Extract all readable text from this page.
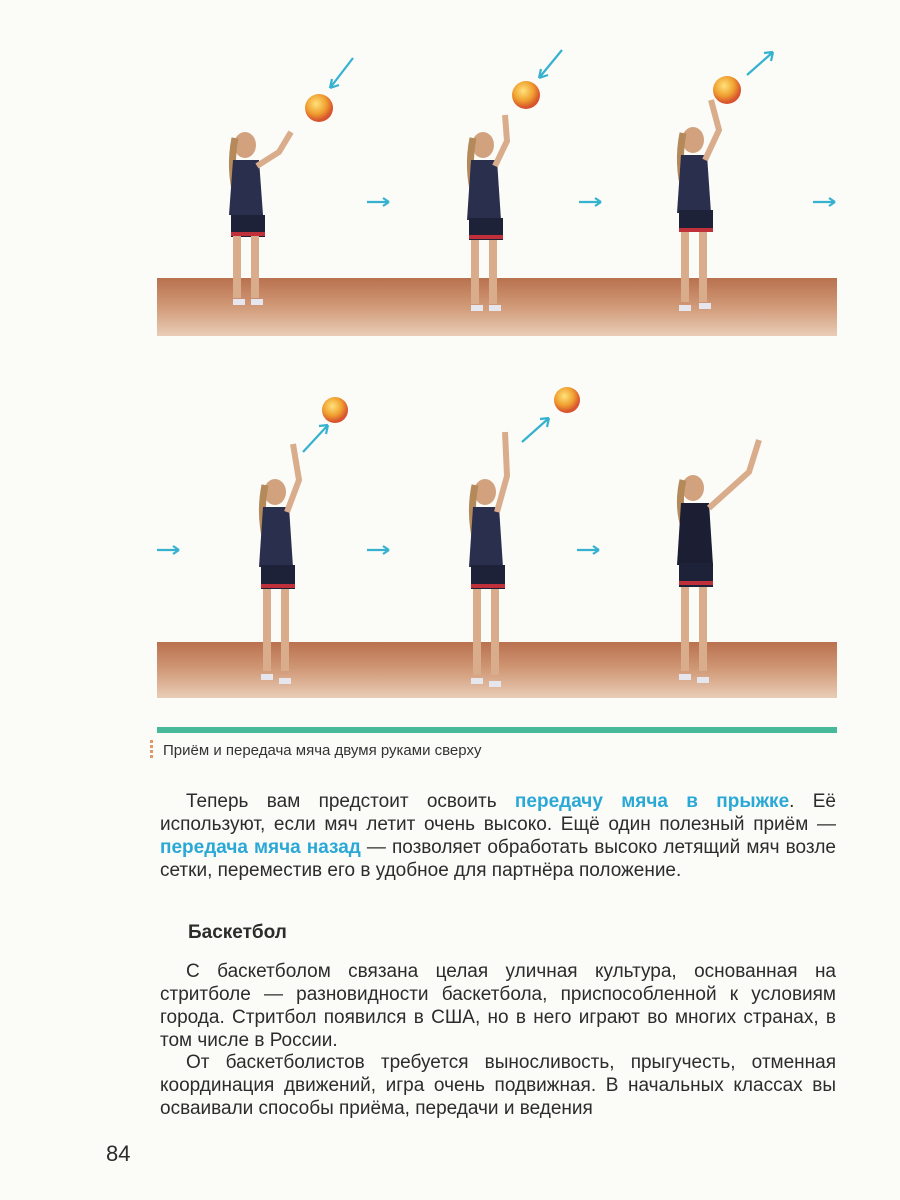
Приём и передача мяча двумя руками сверху

Теперь вам предстоит освоить передачу мяча в прыжке. Её используют, если мяч летит очень высоко. Ещё один полезный приём — передача мяча назад — позволяет обработать высоко летящий мяч возле сетки, переместив его в удобное для партнёра положение.

Баскетбол

С баскетболом связана целая уличная культура, основанная на стритболе — разновидности баскетбола, приспособленной к условиям города. Стритбол появился в США, но в него играют во многих странах, в том числе в России.

От баскетболистов требуется выносливость, прыгучесть, отменная координация движений, игра очень подвижная. В начальных классах вы осваивали способы приёма, передачи и ведения

84
